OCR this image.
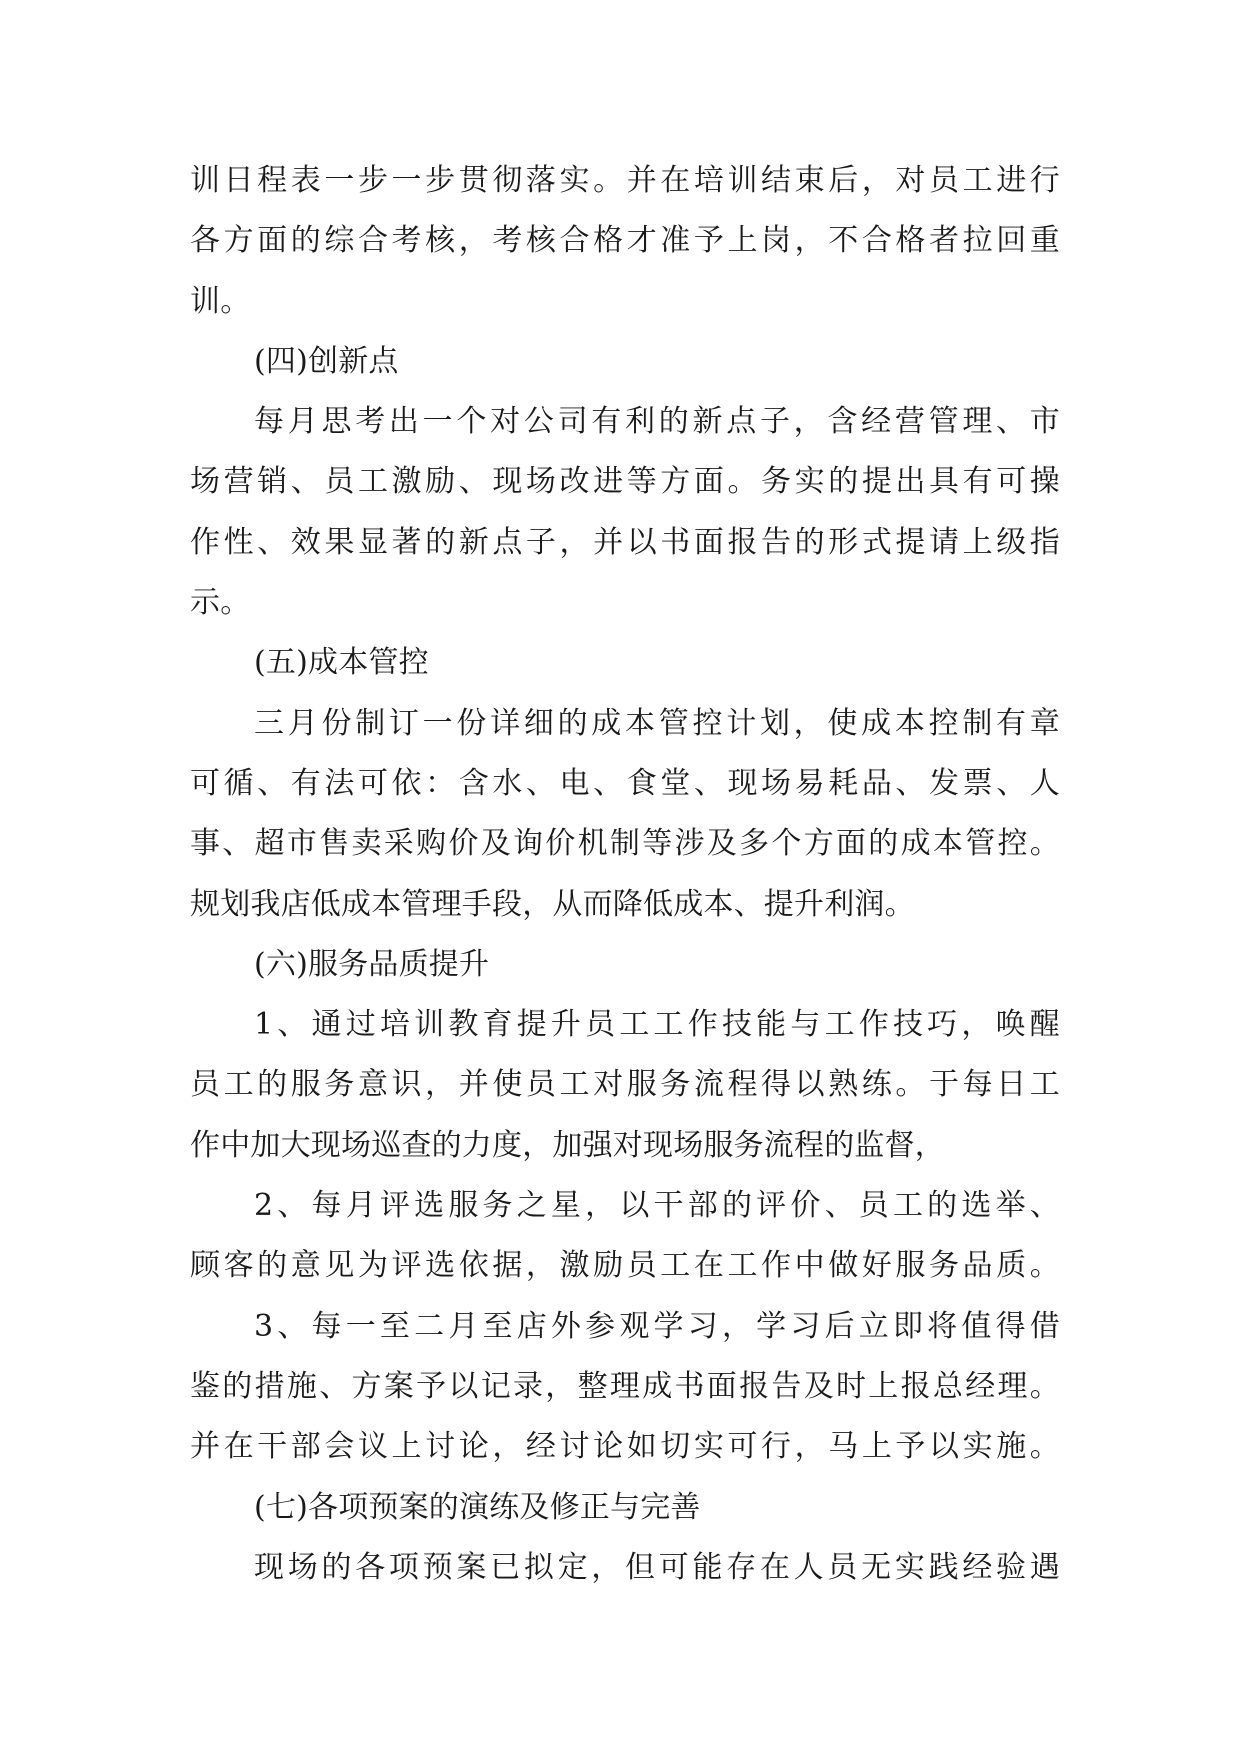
训日程表一步一步贯彻落实。并在培训结束后，对员工进行
各方面的综合考核，考核合格才准予上岗，不合格者拉回重
训。
(四)创新点
每月思考出一个对公司有利的新点子，含经营管理、市
场营销、员工激励、现场改进等方面。务实的提出具有可操
作性、效果显著的新点子，并以书面报告的形式提请上级指
示。
(五)成本管控
三月份制订一份详细的成本管控计划，使成本控制有章
可循、有法可依：含水、电、食堂、现场易耗品、发票、人
事、超市售卖采购价及询价机制等涉及多个方面的成本管控。
规划我店低成本管理手段，从而降低成本、提升利润。
(六)服务品质提升
1、通过培训教育提升员工工作技能与工作技巧，唤醒
员工的服务意识，并使员工对服务流程得以熟练。于每日工
作中加大现场巡查的力度，加强对现场服务流程的监督，
2、每月评选服务之星，以干部的评价、员工的选举、
顾客的意见为评选依据，激励员工在工作中做好服务品质。
3、每一至二月至店外参观学习，学习后立即将值得借
鉴的措施、方案予以记录，整理成书面报告及时上报总经理。
并在干部会议上讨论，经讨论如切实可行，马上予以实施。
(七)各项预案的演练及修正与完善
现场的各项预案已拟定，但可能存在人员无实践经验遇
